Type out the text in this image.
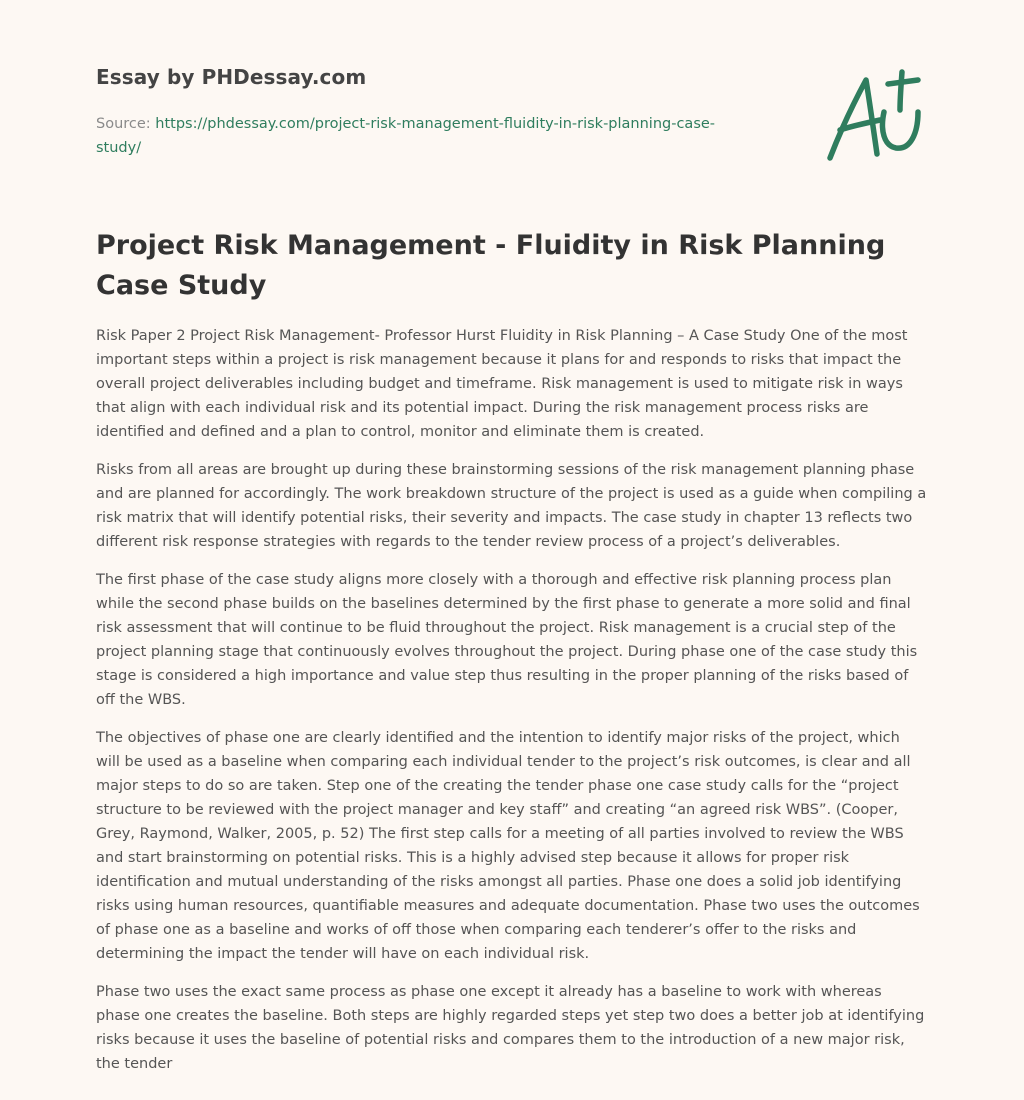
Essay by PHDessay.com
Source: https://phdessay.com/project-risk-management-fluidity-in-risk-planning-case-study/
Project Risk Management - Fluidity in Risk Planning Case Study

Risk Paper 2 Project Risk Management- Professor Hurst Fluidity in Risk Planning – A Case Study One of the most important steps within a project is risk management because it plans for and responds to risks that impact the overall project deliverables including budget and timeframe. Risk management is used to mitigate risk in ways that align with each individual risk and its potential impact. During the risk management process risks are identified and defined and a plan to control, monitor and eliminate them is created.

Risks from all areas are brought up during these brainstorming sessions of the risk management planning phase and are planned for accordingly. The work breakdown structure of the project is used as a guide when compiling a risk matrix that will identify potential risks, their severity and impacts. The case study in chapter 13 reflects two different risk response strategies with regards to the tender review process of a project’s deliverables.

The first phase of the case study aligns more closely with a thorough and effective risk planning process plan while the second phase builds on the baselines determined by the first phase to generate a more solid and final risk assessment that will continue to be fluid throughout the project. Risk management is a crucial step of the project planning stage that continuously evolves throughout the project. During phase one of the case study this stage is considered a high importance and value step thus resulting in the proper planning of the risks based of off the WBS.

The objectives of phase one are clearly identified and the intention to identify major risks of the project, which will be used as a baseline when comparing each individual tender to the project’s risk outcomes, is clear and all major steps to do so are taken. Step one of the creating the tender phase one case study calls for the “project structure to be reviewed with the project manager and key staff” and creating “an agreed risk WBS”. (Cooper, Grey, Raymond, Walker, 2005, p. 52) The first step calls for a meeting of all parties involved to review the WBS and start brainstorming on potential risks. This is a highly advised step because it allows for proper risk identification and mutual understanding of the risks amongst all parties. Phase one does a solid job identifying risks using human resources, quantifiable measures and adequate documentation. Phase two uses the outcomes of phase one as a baseline and works of off those when comparing each tenderer’s offer to the risks and determining the impact the tender will have on each individual risk.

Phase two uses the exact same process as phase one except it already has a baseline to work with whereas phase one creates the baseline. Both steps are highly regarded steps yet step two does a better job at identifying risks because it uses the baseline of potential risks and compares them to the introduction of a new major risk, the tender
